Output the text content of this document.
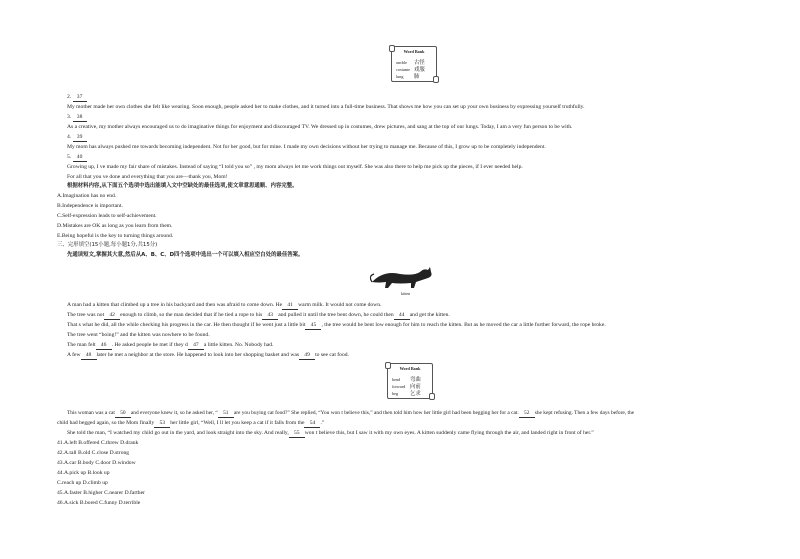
Word Bank
ancble 古怪
costume 戏服
lung 肺
2. 37
My mother made her own clothes she felt like wearing. Soon enough, people asked her to make clothes, and it turned into a full-time business. That shows me how you can set up your own business by expressing yourself truthfully.
3. 38
As a creative, my mother always encouraged us to do imaginative things for enjoyment and discouraged TV. We dressed up in costumes, drew pictures, and sang at the top of our lungs. Today, I am a very fun person to be with.
4. 39
My mom has always pushed me towards becoming independent. Not for her good, but for mine. I made my own decisions without her trying to manage me. Because of this, I grow up to be completely independent.
5. 40
Growing up, I ve made my fair share of mistakes. Instead of saying “I told you so” , my mom always let me work things out myself. She was also there to help me pick up the pieces, if I ever needed help.
For all that you ve done and everything that you are—thank you, Mom!
根据材料内容,从下面五个选项中选出能填入文中空缺处的最佳选项,使文章意思通顺、内容完整。
A.Imagination has no end.
B.Independence is important.
C.Self-expression leads to self-achievement.
D.Mistakes are OK as long as you learn from them.
E.Being hopeful is the key to turning things around.
三、完形填空(15小题,每小题1分,共15分)
先通读短文,掌握其大意,然后从A、B、C、D四个选项中选出一个可以填入相应空白处的最佳答案。
kitten
A man had a kitten that climbed up a tree in his backyard and then was afraid to come down. He 41 warm milk. It would not come down.
The tree was not 42 enough to climb, so the man decided that if he tied a rope to his 43 and pulled it until the tree bent down, he could then 44 and get the kitten.
That s what he did, all the while checking his progress in the car. He then thought if he went just a little bit 45 , the tree would be bent low enough for him to reach the kitten. But as he moved the car a little further forward, the rope broke.
The tree went “boing!” and the kitten was nowhere to be found.
The man felt 46 . He asked people he met if they d 47 a little kitten. No. Nobody had.
A few 48 later he met a neighbor at the store. He happened to look into her shopping basket and was 49 to see cat food.
Word Bank
bend 弯曲
forward 向前
beg 乞求
This woman was a cat 50 and everyone knew it, so he asked her, “ 51 are you buying cat food?” She replied, “You won t believe this,” and then told him how her little girl had been begging her for a cat. 52 she kept refusing. Then a few days before, the
child had begged again, so the Mom finally 53 her little girl, “Well, I ll let you keep a cat if it falls from the 54 .”
She told the man, “I watched my child go out in the yard, and look straight into the sky. And really, 55 won t believe this, but I saw it with my own eyes. A kitten suddenly came flying through the air, and landed right in front of her.”
41.A.left B.offered C.threw D.drank
42.A.tall B.old C.close D.strong
43.A.car B.body C.door D.window
44.A.pick up B.look up
C.reach up D.climb up
45.A.faster B.higher C.nearer D.farther
46.A.sick B.bored C.funny D.terrible
